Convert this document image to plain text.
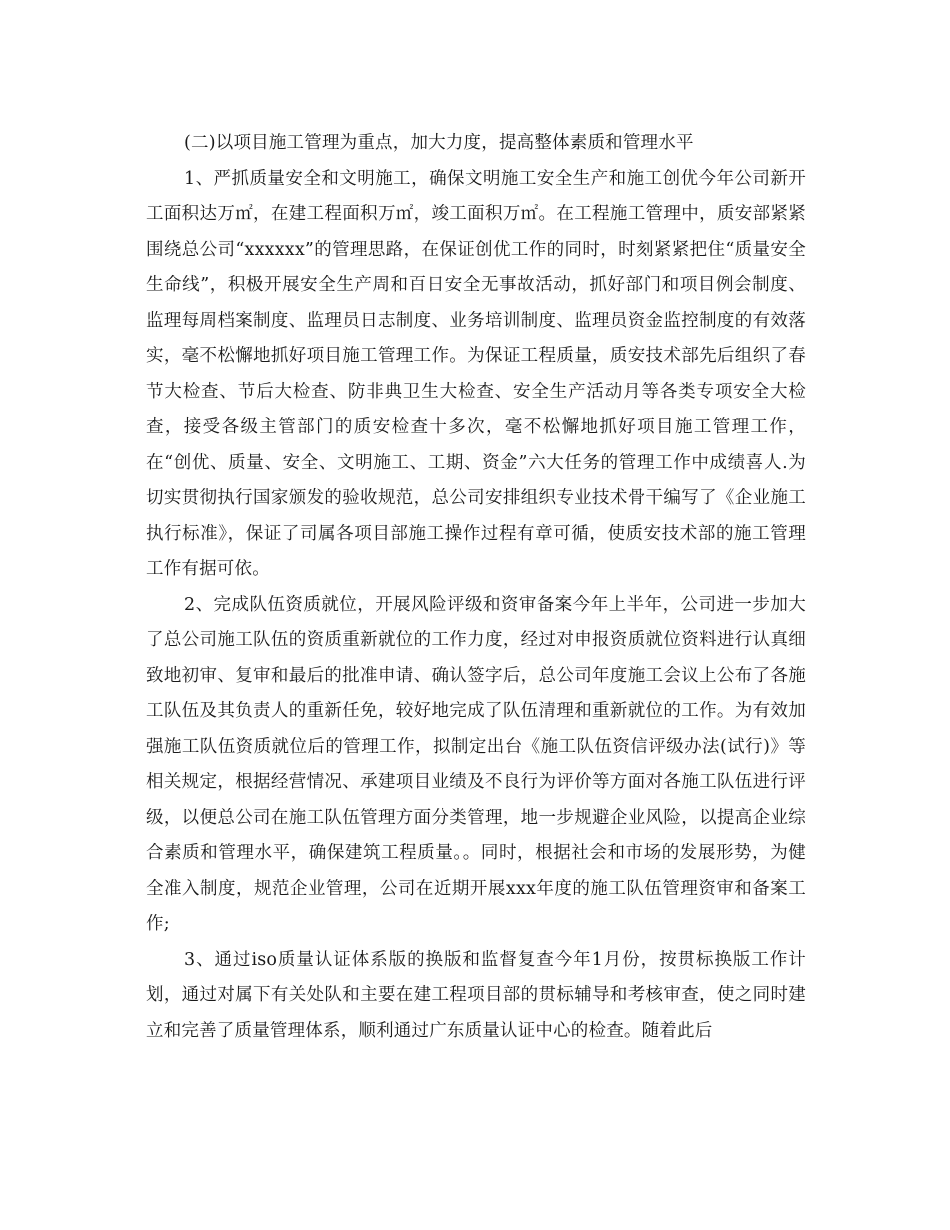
(二)以项目施工管理为重点，加大力度，提高整体素质和管理水平

1、严抓质量安全和文明施工，确保文明施工安全生产和施工创优今年公司新开工面积达万㎡，在建工程面积万㎡，竣工面积万㎡。在工程施工管理中，质安部紧紧围绕总公司“xxxxxx”的管理思路，在保证创优工作的同时，时刻紧紧把住“质量安全生命线”，积极开展安全生产周和百日安全无事故活动，抓好部门和项目例会制度、监理每周档案制度、监理员日志制度、业务培训制度、监理员资金监控制度的有效落实，毫不松懈地抓好项目施工管理工作。为保证工程质量，质安技术部先后组织了春节大检查、节后大检查、防非典卫生大检查、安全生产活动月等各类专项安全大检查，接受各级主管部门的质安检查十多次，毫不松懈地抓好项目施工管理工作，在“创优、质量、安全、文明施工、工期、资金”六大任务的管理工作中成绩喜人.为切实贯彻执行国家颁发的验收规范，总公司安排组织专业技术骨干编写了《企业施工执行标准》，保证了司属各项目部施工操作过程有章可循，使质安技术部的施工管理工作有据可依。

2、完成队伍资质就位，开展风险评级和资审备案今年上半年，公司进一步加大了总公司施工队伍的资质重新就位的工作力度，经过对申报资质就位资料进行认真细致地初审、复审和最后的批准申请、确认签字后，总公司年度施工会议上公布了各施工队伍及其负责人的重新任免，较好地完成了队伍清理和重新就位的工作。为有效加强施工队伍资质就位后的管理工作，拟制定出台《施工队伍资信评级办法(试行)》等相关规定，根据经营情况、承建项目业绩及不良行为评价等方面对各施工队伍进行评级，以便总公司在施工队伍管理方面分类管理，地一步规避企业风险，以提高企业综合素质和管理水平，确保建筑工程质量。。同时，根据社会和市场的发展形势，为健全准入制度，规范企业管理，公司在近期开展xxx年度的施工队伍管理资审和备案工作;

3、通过iso质量认证体系版的换版和监督复查今年1月份，按贯标换版工作计划，通过对属下有关处队和主要在建工程项目部的贯标辅导和考核审查，使之同时建立和完善了质量管理体系，顺利通过广东质量认证中心的检查。随着此后
